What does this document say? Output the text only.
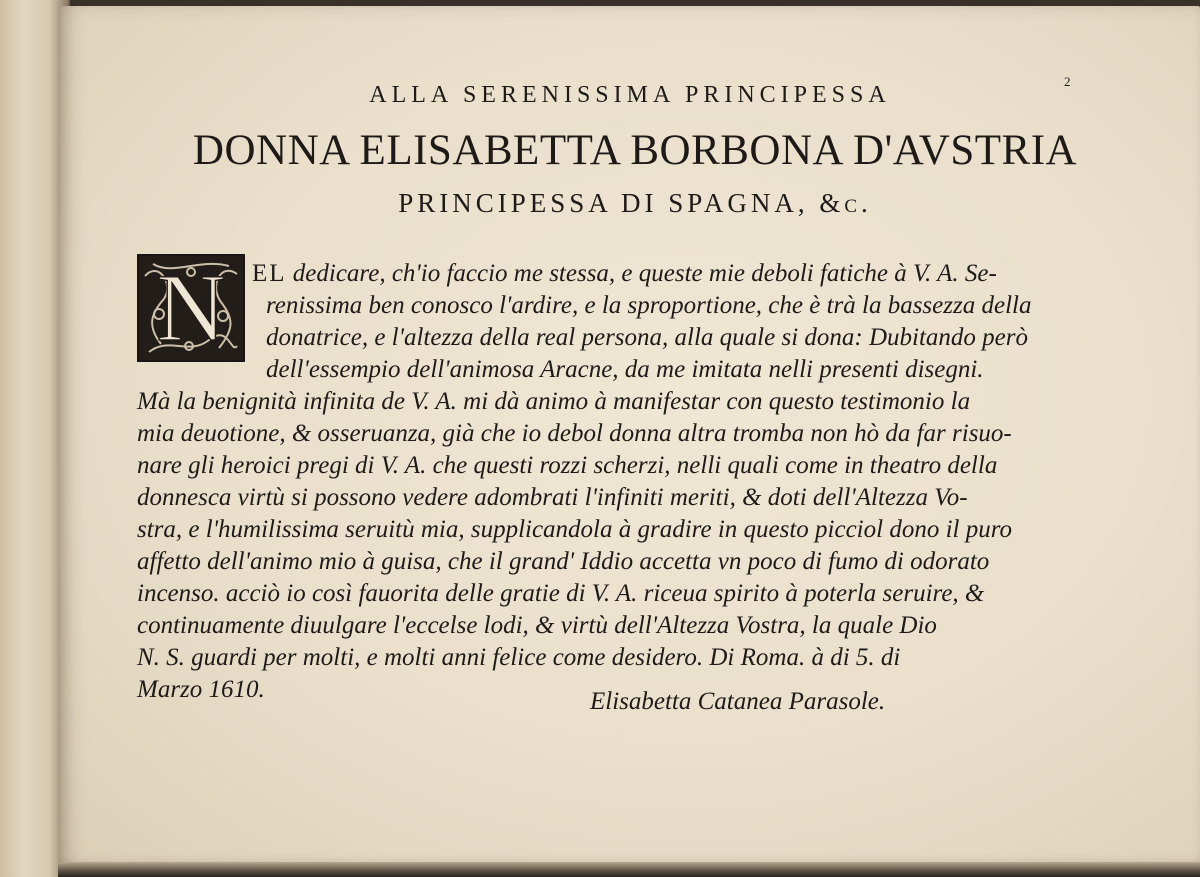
2
ALLA SERENISSIMA PRINCIPESSA
DONNA ELISABETTA BORBONA D'AVSTRIA
PRINCIPESSA DI SPAGNA, &c.
N	EL dedicare, ch'io faccio me stessa, e queste mie deboli fatiche à V. A. Se-
renissima ben conosco l'ardire, e la sproportione, che è trà la bassezza della
donatrice, e l'altezza della real persona, alla quale si dona: Dubitando però
dell'essempio dell'animosa Aracne, da me imitata nelli presenti disegni.
Mà la benignità infinita de V. A. mi dà animo à manifestar con questo testimonio la
mia deuotione, & osseruanza, già che io debol donna altra tromba non hò da far risuo-
nare gli heroici pregi di V. A. che questi rozzi scherzi, nelli quali come in theatro della
donnesca virtù si possono vedere adombrati l'infiniti meriti, & doti dell'Altezza Vo-
stra, e l'humilissima seruitù mia, supplicandola à gradire in questo picciol dono il puro
affetto dell'animo mio à guisa, che il grand' Iddio accetta vn poco di fumo di odorato
incenso. acciò io così fauorita delle gratie di V. A. riceua spirito à poterla seruire, &
continuamente diuulgare l'eccelse lodi, & virtù dell'Altezza Vostra, la quale Dio
N. S. guardi per molti, e molti anni felice come desidero. Di Roma. à di 5. di
Marzo 1610.	Elisabetta Catanea Parasole.
